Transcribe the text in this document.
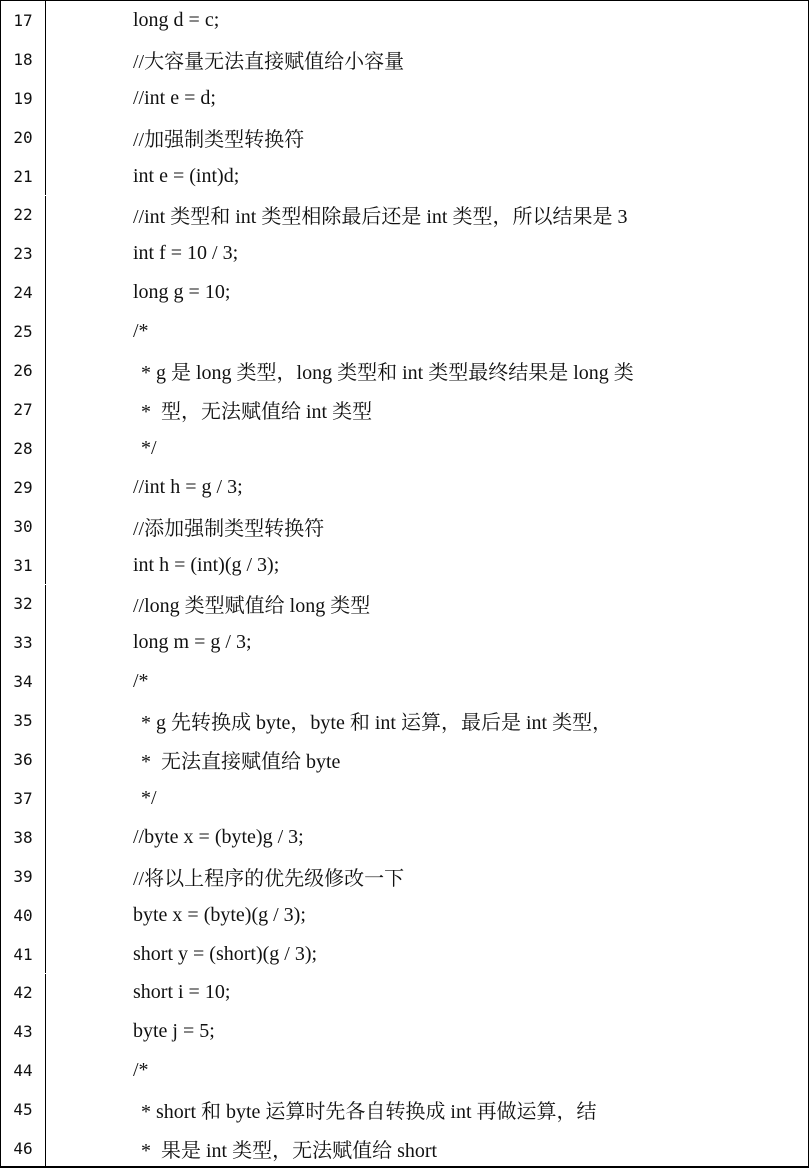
17	long d = c;
18	//大容量无法直接赋值给小容量
19	//int e = d;
20	//加强制类型转换符
21	int e = (int)d;
22	//int 类型和 int 类型相除最后还是 int 类型，所以结果是 3
23	int f = 10 / 3;
24	long g = 10;
25	/*
26	* g 是 long 类型，long 类型和 int 类型最终结果是 long 类
27	*  型，无法赋值给 int 类型
28	*/
29	//int h = g / 3;
30	//添加强制类型转换符
31	int h = (int)(g / 3);
32	//long 类型赋值给 long 类型
33	long m = g / 3;
34	/*
35	* g 先转换成 byte，byte 和 int 运算，最后是 int 类型，
36	*  无法直接赋值给 byte
37	*/
38	//byte x = (byte)g / 3;
39	//将以上程序的优先级修改一下
40	byte x = (byte)(g / 3);
41	short y = (short)(g / 3);
42	short i = 10;
43	byte j = 5;
44	/*
45	* short 和 byte 运算时先各自转换成 int 再做运算，结
46	*  果是 int 类型，无法赋值给 short
